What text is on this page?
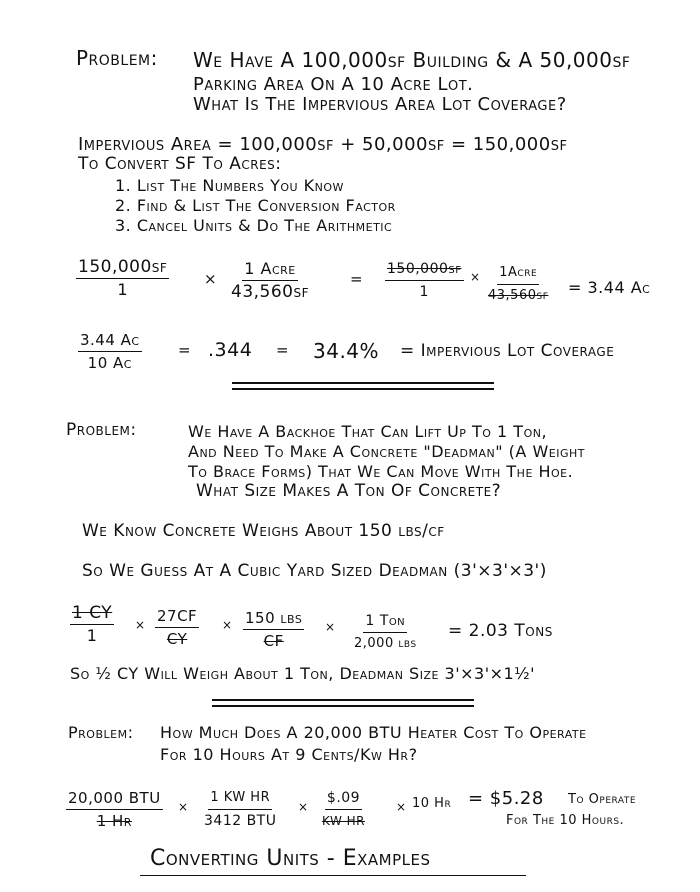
Problem: We Have A 100,000sf Building & A 50,000sf

Parking Area On A 10 Acre Lot.

What Is The Impervious Area Lot Coverage?

Impervious Area = 100,000sf + 50,000sf = 150,000sf

To Convert SF To Acres:

1. List The Numbers You Know

2. Find & List The Conversion Factor

3. Cancel Units & Do The Arithmetic

$\frac{150,000sf}{1}$ ×
1 Acre
43,560sf
= $\frac{150,000sf}{1}$ × 1Acre
43,560sf = 3.44 Ac

$\frac{3.44 Ac}{10 Ac} = .344 = 34.4\%$ = Impervious Lot Coverage

Problem:	We Have A Backhoe That Can Lift Up To 1 Ton,

And Need To Make A Concrete "Deadman" (A Weight

To Brace Forms) That We Can Move With The Hoe.

What Size Makes A Ton Of Concrete?

We Know Concrete Weighs About 150 lbs/cf

So We Guess At A Cubic Yard Sized Deadman (3'×3'×3')

$\frac{1 CY}{1} \times \frac{27CF}{CY} \times 150$ lbs
CF
× 1 Ton
2,000 lbs

= 2.03 Tons

So ½ CY Will Weigh About 1 Ton, Deadman Size 3'×3'×1½'

Problem: How Much Does A 20,000 BTU Heater Cost To Operate

For 10 Hours At 9 Cents/Kw Hr?

20,000 BTU
1 Hr
×
1 KW HR
3412 BTU
× $\frac{\$.09}{\text{KW HR}} \times 10$ Hr = $5.28 To Operate

For The 10 Hours.

Converting Units - Examples
